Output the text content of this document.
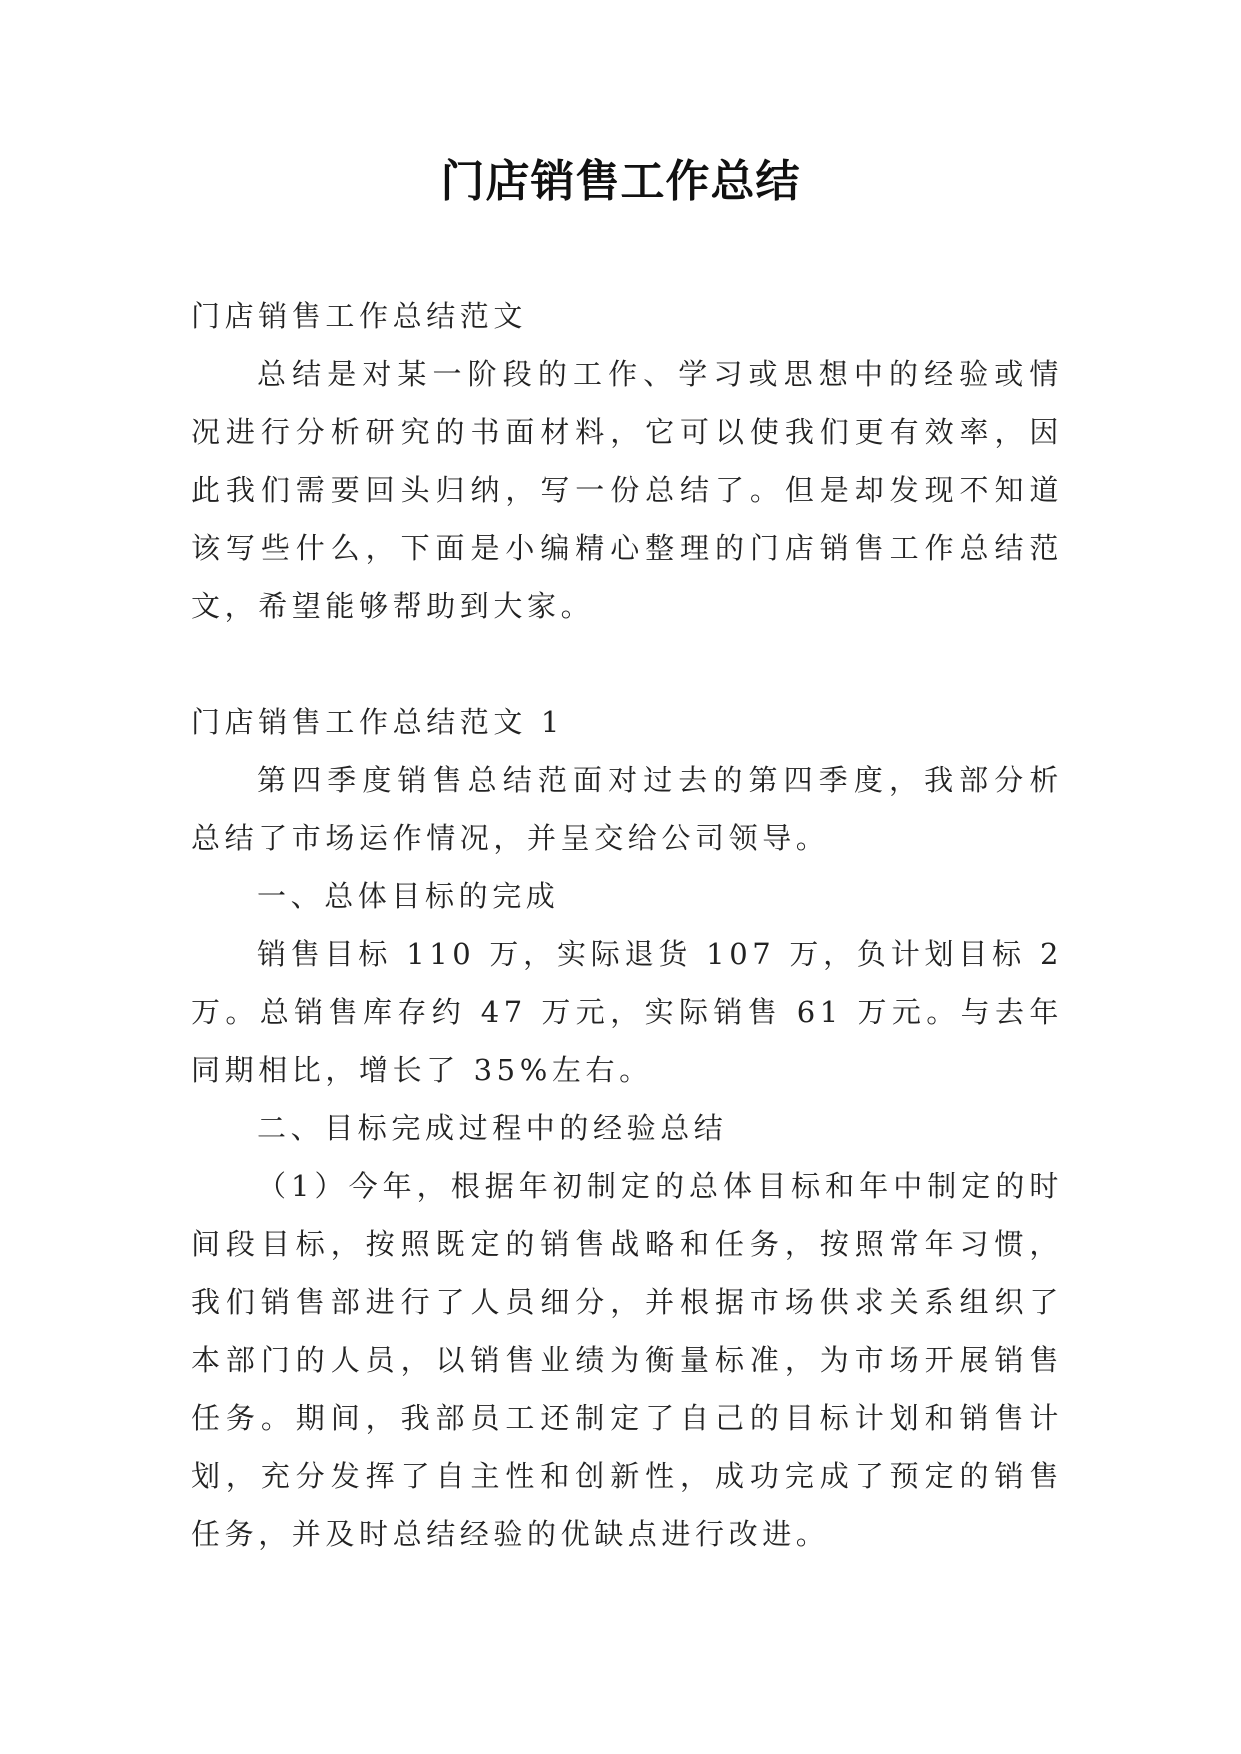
门店销售工作总结

门店销售工作总结范文

总结是对某一阶段的工作、学习或思想中的经验或情况进行分析研究的书面材料，它可以使我们更有效率，因此我们需要回头归纳，写一份总结了。但是却发现不知道该写些什么，下面是小编精心整理的门店销售工作总结范文，希望能够帮助到大家。

门店销售工作总结范文 1

第四季度销售总结范面对过去的第四季度，我部分析总结了市场运作情况，并呈交给公司领导。

一、总体目标的完成

销售目标 110 万，实际退货 107 万，负计划目标 2 万。总销售库存约 47 万元，实际销售 61 万元。与去年同期相比，增长了 35%左右。

二、目标完成过程中的经验总结

（1）今年，根据年初制定的总体目标和年中制定的时间段目标，按照既定的销售战略和任务，按照常年习惯，我们销售部进行了人员细分，并根据市场供求关系组织了本部门的人员，以销售业绩为衡量标准，为市场开展销售任务。期间，我部员工还制定了自己的目标计划和销售计划，充分发挥了自主性和创新性，成功完成了预定的销售任务，并及时总结经验的优缺点进行改进。
